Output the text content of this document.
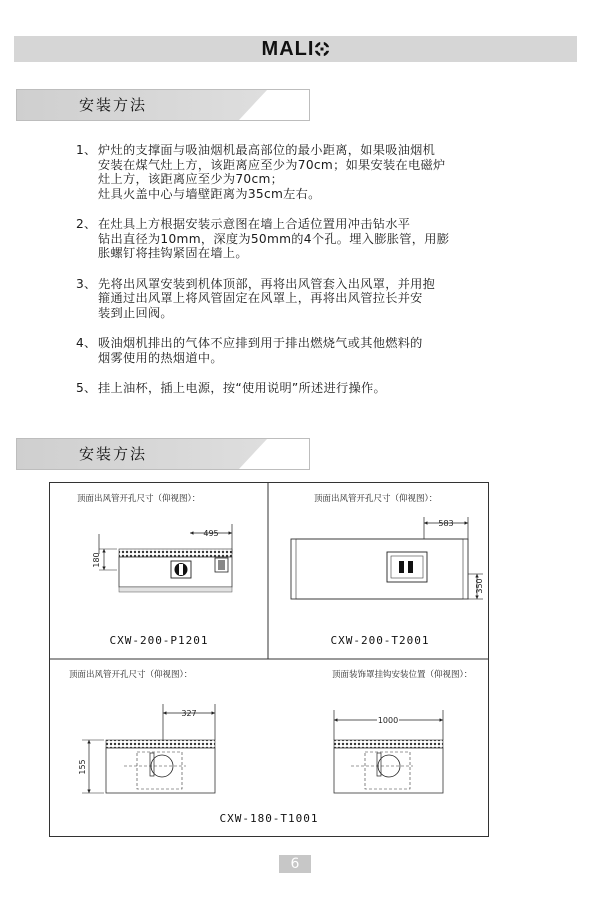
MALI
安装方法
1、 炉灶的支撑面与吸油烟机最高部位的最小距离，如果吸油烟机
安装在煤气灶上方，该距离应至少为70cm；如果安装在电磁炉
灶上方，该距离应至少为70cm；
灶具火盖中心与墙壁距离为35cm左右。
2、 在灶具上方根据安装示意图在墙上合适位置用冲击钻水平
钻出直径为10mm，深度为50mm的4个孔。埋入膨胀管，用膨
胀螺钉将挂钩紧固在墙上。
3、 先将出风罩安装到机体顶部，再将出风管套入出风罩，并用抱
箍通过出风罩上将风管固定在风罩上，再将出风管拉长并安
装到止回阀。
4、 吸油烟机排出的气体不应排到用于排出燃烧气或其他燃料的
烟雾使用的热烟道中。
5、 挂上油杯，插上电源，按“使用说明”所述进行操作。
安装方法
顶面出风管开孔尺寸（仰视图）：
495
180
CXW-200-P1201
顶面出风管开孔尺寸（仰视图）：
583
350
CXW-200-T2001
顶面出风管开孔尺寸（仰视图）：
327
155
顶面装饰罩挂钩安装位置（仰视图）：
1000
CXW-180-T1001
6
